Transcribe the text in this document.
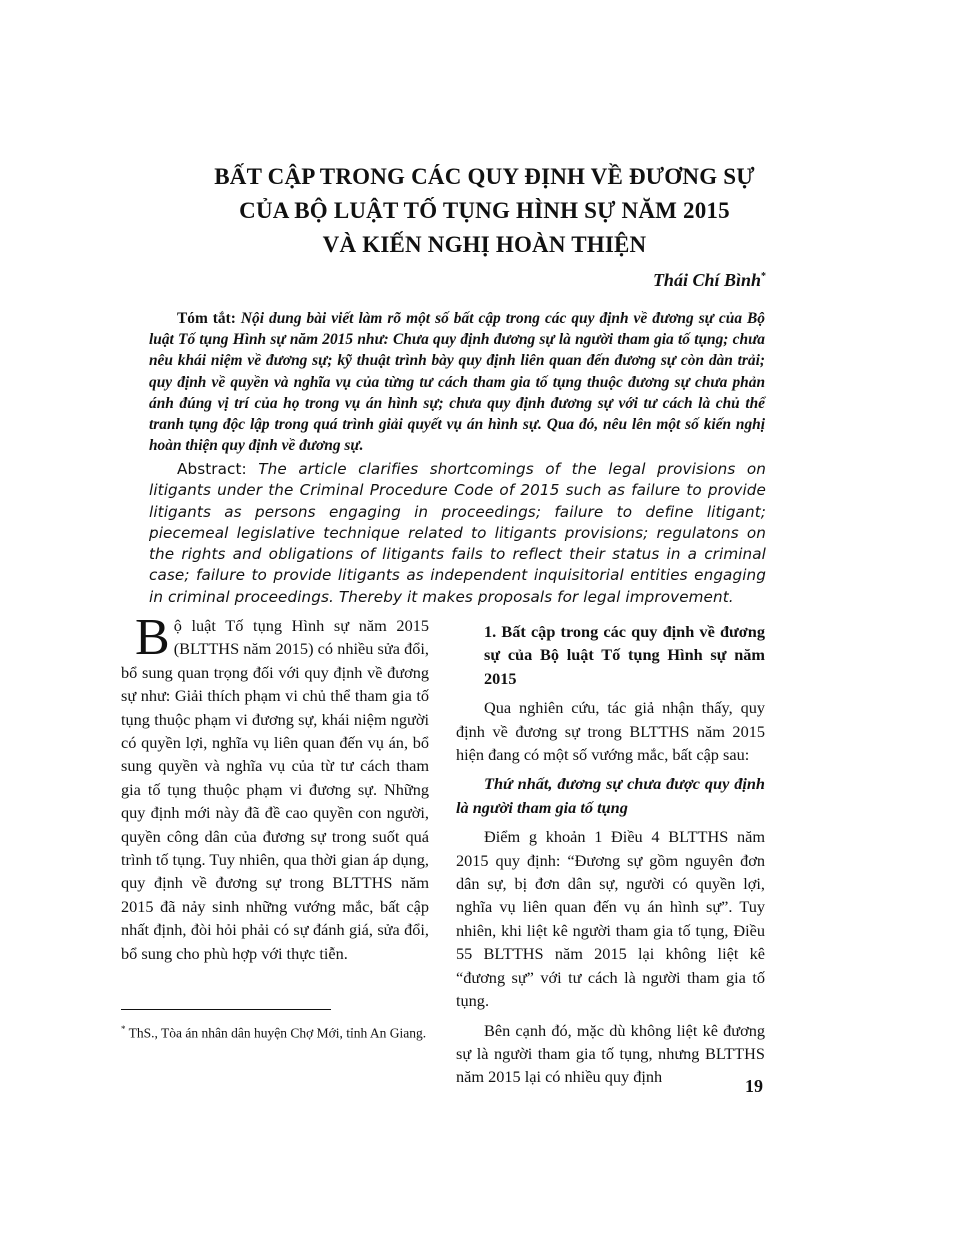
BẤT CẬP TRONG CÁC QUY ĐỊNH VỀ ĐƯƠNG SỰ
CỦA BỘ LUẬT TỐ TỤNG HÌNH SỰ NĂM 2015
VÀ KIẾN NGHỊ HOÀN THIỆN
Thái Chí Bình*
Tóm tắt: Nội dung bài viết làm rõ một số bất cập trong các quy định về đương sự của Bộ luật Tố tụng Hình sự năm 2015 như: Chưa quy định đương sự là người tham gia tố tụng; chưa nêu khái niệm về đương sự; kỹ thuật trình bày quy định liên quan đến đương sự còn dàn trải; quy định về quyền và nghĩa vụ của từng tư cách tham gia tố tụng thuộc đương sự chưa phản ánh đúng vị trí của họ trong vụ án hình sự; chưa quy định đương sự với tư cách là chủ thể tranh tụng độc lập trong quá trình giải quyết vụ án hình sự. Qua đó, nêu lên một số kiến nghị hoàn thiện quy định về đương sự.
Abstract: The article clarifies shortcomings of the legal provisions on litigants under the Criminal Procedure Code of 2015 such as failure to provide litigants as persons engaging in proceedings; failure to define litigant; piecemeal legislative technique related to litigants provisions; regulatons on the rights and obligations of litigants fails to reflect their status in a criminal case; failure to provide litigants as independent inquisitorial entities engaging in criminal proceedings. Thereby it makes proposals for legal improvement.
Bộ luật Tố tụng Hình sự năm 2015 (BLTTHS năm 2015) có nhiều sửa đổi, bổ sung quan trọng đối với quy định về đương sự như: Giải thích phạm vi chủ thể tham gia tố tụng thuộc phạm vi đương sự, khái niệm người có quyền lợi, nghĩa vụ liên quan đến vụ án, bổ sung quyền và nghĩa vụ của từ tư cách tham gia tố tụng thuộc phạm vi đương sự. Những quy định mới này đã đề cao quyền con người, quyền công dân của đương sự trong suốt quá trình tố tụng. Tuy nhiên, qua thời gian áp dụng, quy định về đương sự trong BLTTHS năm 2015 đã nảy sinh những vướng mắc, bất cập nhất định, đòi hỏi phải có sự đánh giá, sửa đổi, bổ sung cho phù hợp với thực tiễn.

1. Bất cập trong các quy định về đương sự của Bộ luật Tố tụng Hình sự năm 2015

Qua nghiên cứu, tác giả nhận thấy, quy định về đương sự trong BLTTHS năm 2015 hiện đang có một số vướng mắc, bất cập sau:

Thứ nhất, đương sự chưa được quy định là người tham gia tố tụng

Điểm g khoản 1 Điều 4 BLTTHS năm 2015 quy định: “Đương sự gồm nguyên đơn dân sự, bị đơn dân sự, người có quyền lợi, nghĩa vụ liên quan đến vụ án hình sự”. Tuy nhiên, khi liệt kê người tham gia tố tụng, Điều 55 BLTTHS năm 2015 lại không liệt kê “đương sự” với tư cách là người tham gia tố tụng.

Bên cạnh đó, mặc dù không liệt kê đương sự là người tham gia tố tụng, nhưng BLTTHS năm 2015 lại có nhiều quy định

* ThS., Tòa án nhân dân huyện Chợ Mới, tỉnh An Giang.
19
